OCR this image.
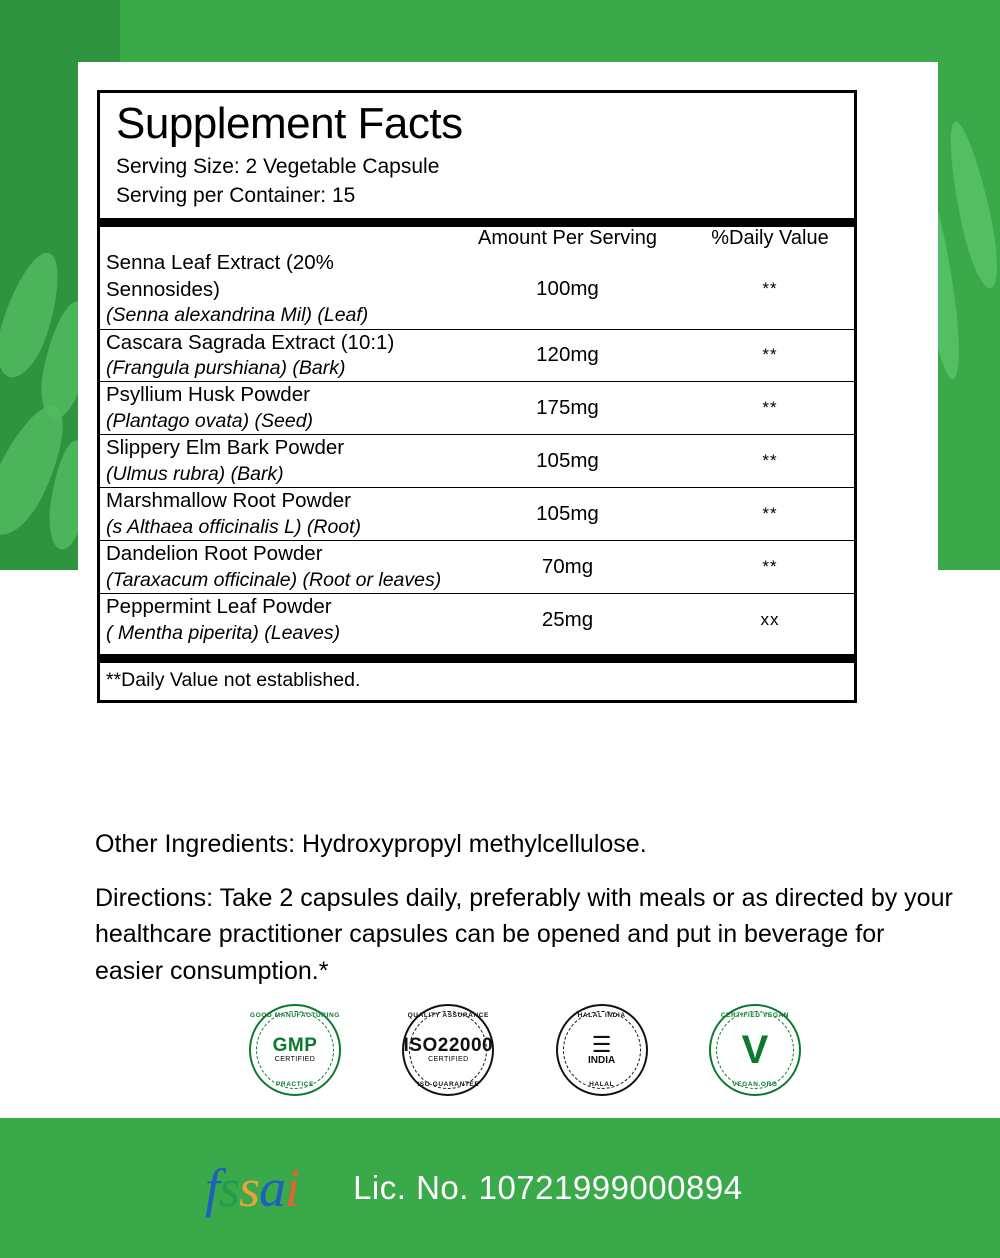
Supplement Facts
Serving Size: 2 Vegetable Capsule
Serving per Container: 15
	Amount Per Serving	%Daily Value
Senna Leaf Extract (20% Sennosides)
(Senna alexandrina Mil) (Leaf)	100mg	**
Cascara Sagrada Extract (10:1)
(Frangula purshiana) (Bark)	120mg	**
Psyllium Husk Powder
(Plantago ovata) (Seed)	175mg	**
Slippery Elm Bark Powder
(Ulmus rubra) (Bark)	105mg	**
Marshmallow Root Powder
(s Althaea officinalis L) (Root)	105mg	**
Dandelion Root Powder
(Taraxacum officinale) (Root or leaves)	70mg	**
Peppermint Leaf Powder
( Mentha piperita) (Leaves)	25mg	xx
**Daily Value not established.
Other Ingredients: Hydroxypropyl methylcellulose.
Directions: Take 2 capsules daily, preferably with meals or as directed by your healthcare practitioner capsules can be opened and put in beverage for easier consumption.*
GOOD MANUFACTURING
GMP
CERTIFIED
PRACTICE
QUALITY ASSURANCE
ISO22000
CERTIFIED
ISO GUARANTEE
HALAL INDIA
☰
INDIA
HALAL
CERTIFIED VEGAN
V
VEGAN.ORG
fssai Lic. No. 10721999000894
